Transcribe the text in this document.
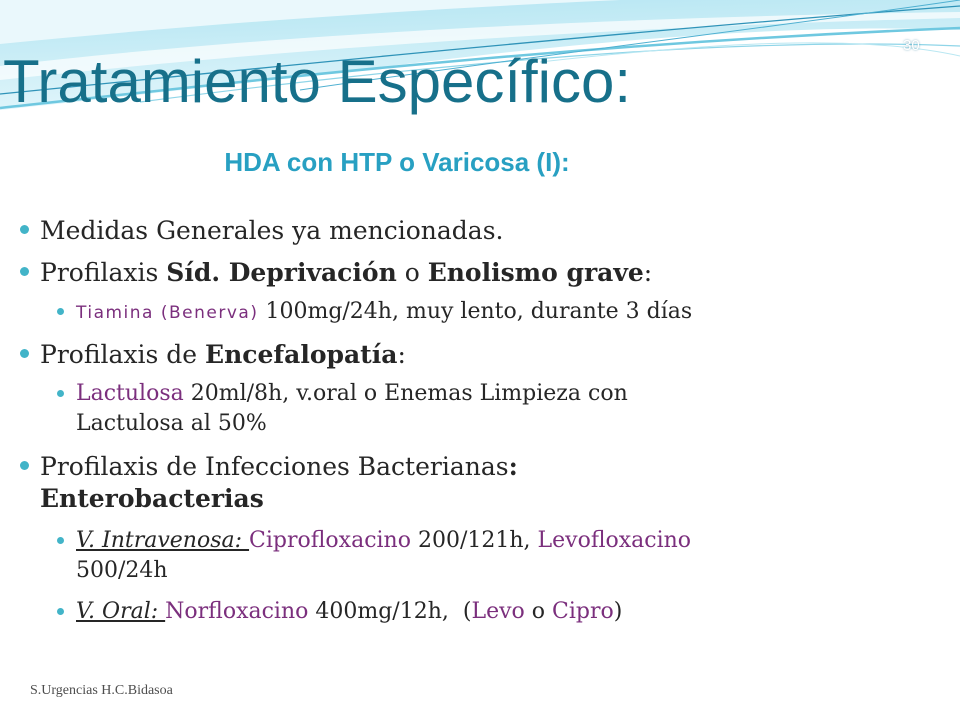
30
Tratamiento Específico:
HDA con HTP o Varicosa (I):
Medidas Generales ya mencionadas.
Profilaxis Síd. Deprivación o Enolismo grave:
Tiamina (Benerva) 100mg/24h, muy lento, durante 3 días
Profilaxis de Encefalopatía:
Lactulosa 20ml/8h, v.oral o Enemas Limpieza con
Lactulosa al 50%
Profilaxis de Infecciones Bacterianas:
Enterobacterias
V. Intravenosa: Ciprofloxacino 200/121h, Levofloxacino
500/24h
V. Oral: Norfloxacino 400mg/12h,  (Levo o Cipro)
S.Urgencias H.C.Bidasoa
